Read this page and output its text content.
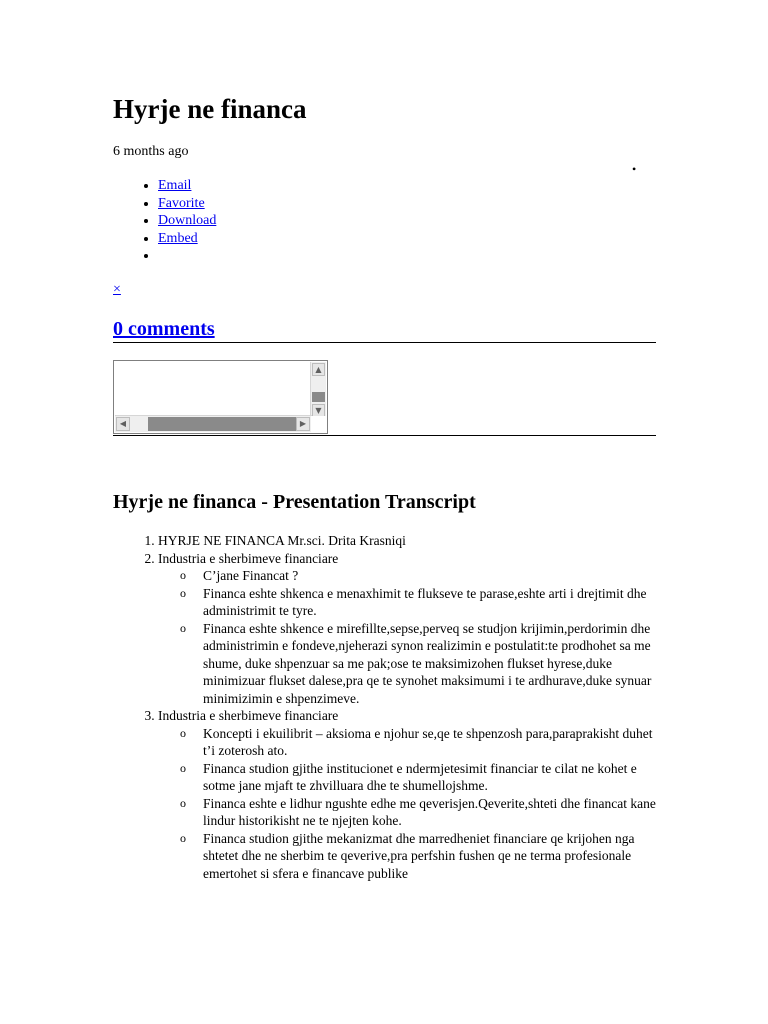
Hyrje ne financa
6 months ago
•
• Email
• Favorite
• Download
• Embed
•
×
0 comments
▲
▼
◀	▶
Hyrje ne financa - Presentation Transcript
1. HYRJE NE FINANCA Mr.sci. Drita Krasniqi
2. Industria e sherbimeve financiare
o C’jane Financat ?
o Financa eshte shkenca e menaxhimit te flukseve te parase,eshte arti i drejtimit dhe administrimit te tyre.
o Financa eshte shkence e mirefillte,sepse,perveq se studjon krijimin,perdorimin dhe administrimin e fondeve,njeherazi synon realizimin e postulatit:te prodhohet sa me shume, duke shpenzuar sa me pak;ose te maksimizohen flukset hyrese,duke minimizuar flukset dalese,pra qe te synohet maksimumi i te ardhurave,duke synuar minimizimin e shpenzimeve.
3. Industria e sherbimeve financiare
o Koncepti i ekuilibrit – aksioma e njohur se,qe te shpenzosh para,paraprakisht duhet t’i zoterosh ato.
o Financa studion gjithe institucionet e ndermjetesimit financiar te cilat ne kohet e sotme jane mjaft te zhvilluara dhe te shumellojshme.
o Financa eshte e lidhur ngushte edhe me qeverisjen.Qeverite,shteti dhe financat kane lindur historikisht ne te njejten kohe.
o Financa studion gjithe mekanizmat dhe marredheniet financiare qe krijohen nga shtetet dhe ne sherbim te qeverive,pra perfshin fushen qe ne terma profesionale emertohet si sfera e financave publike
